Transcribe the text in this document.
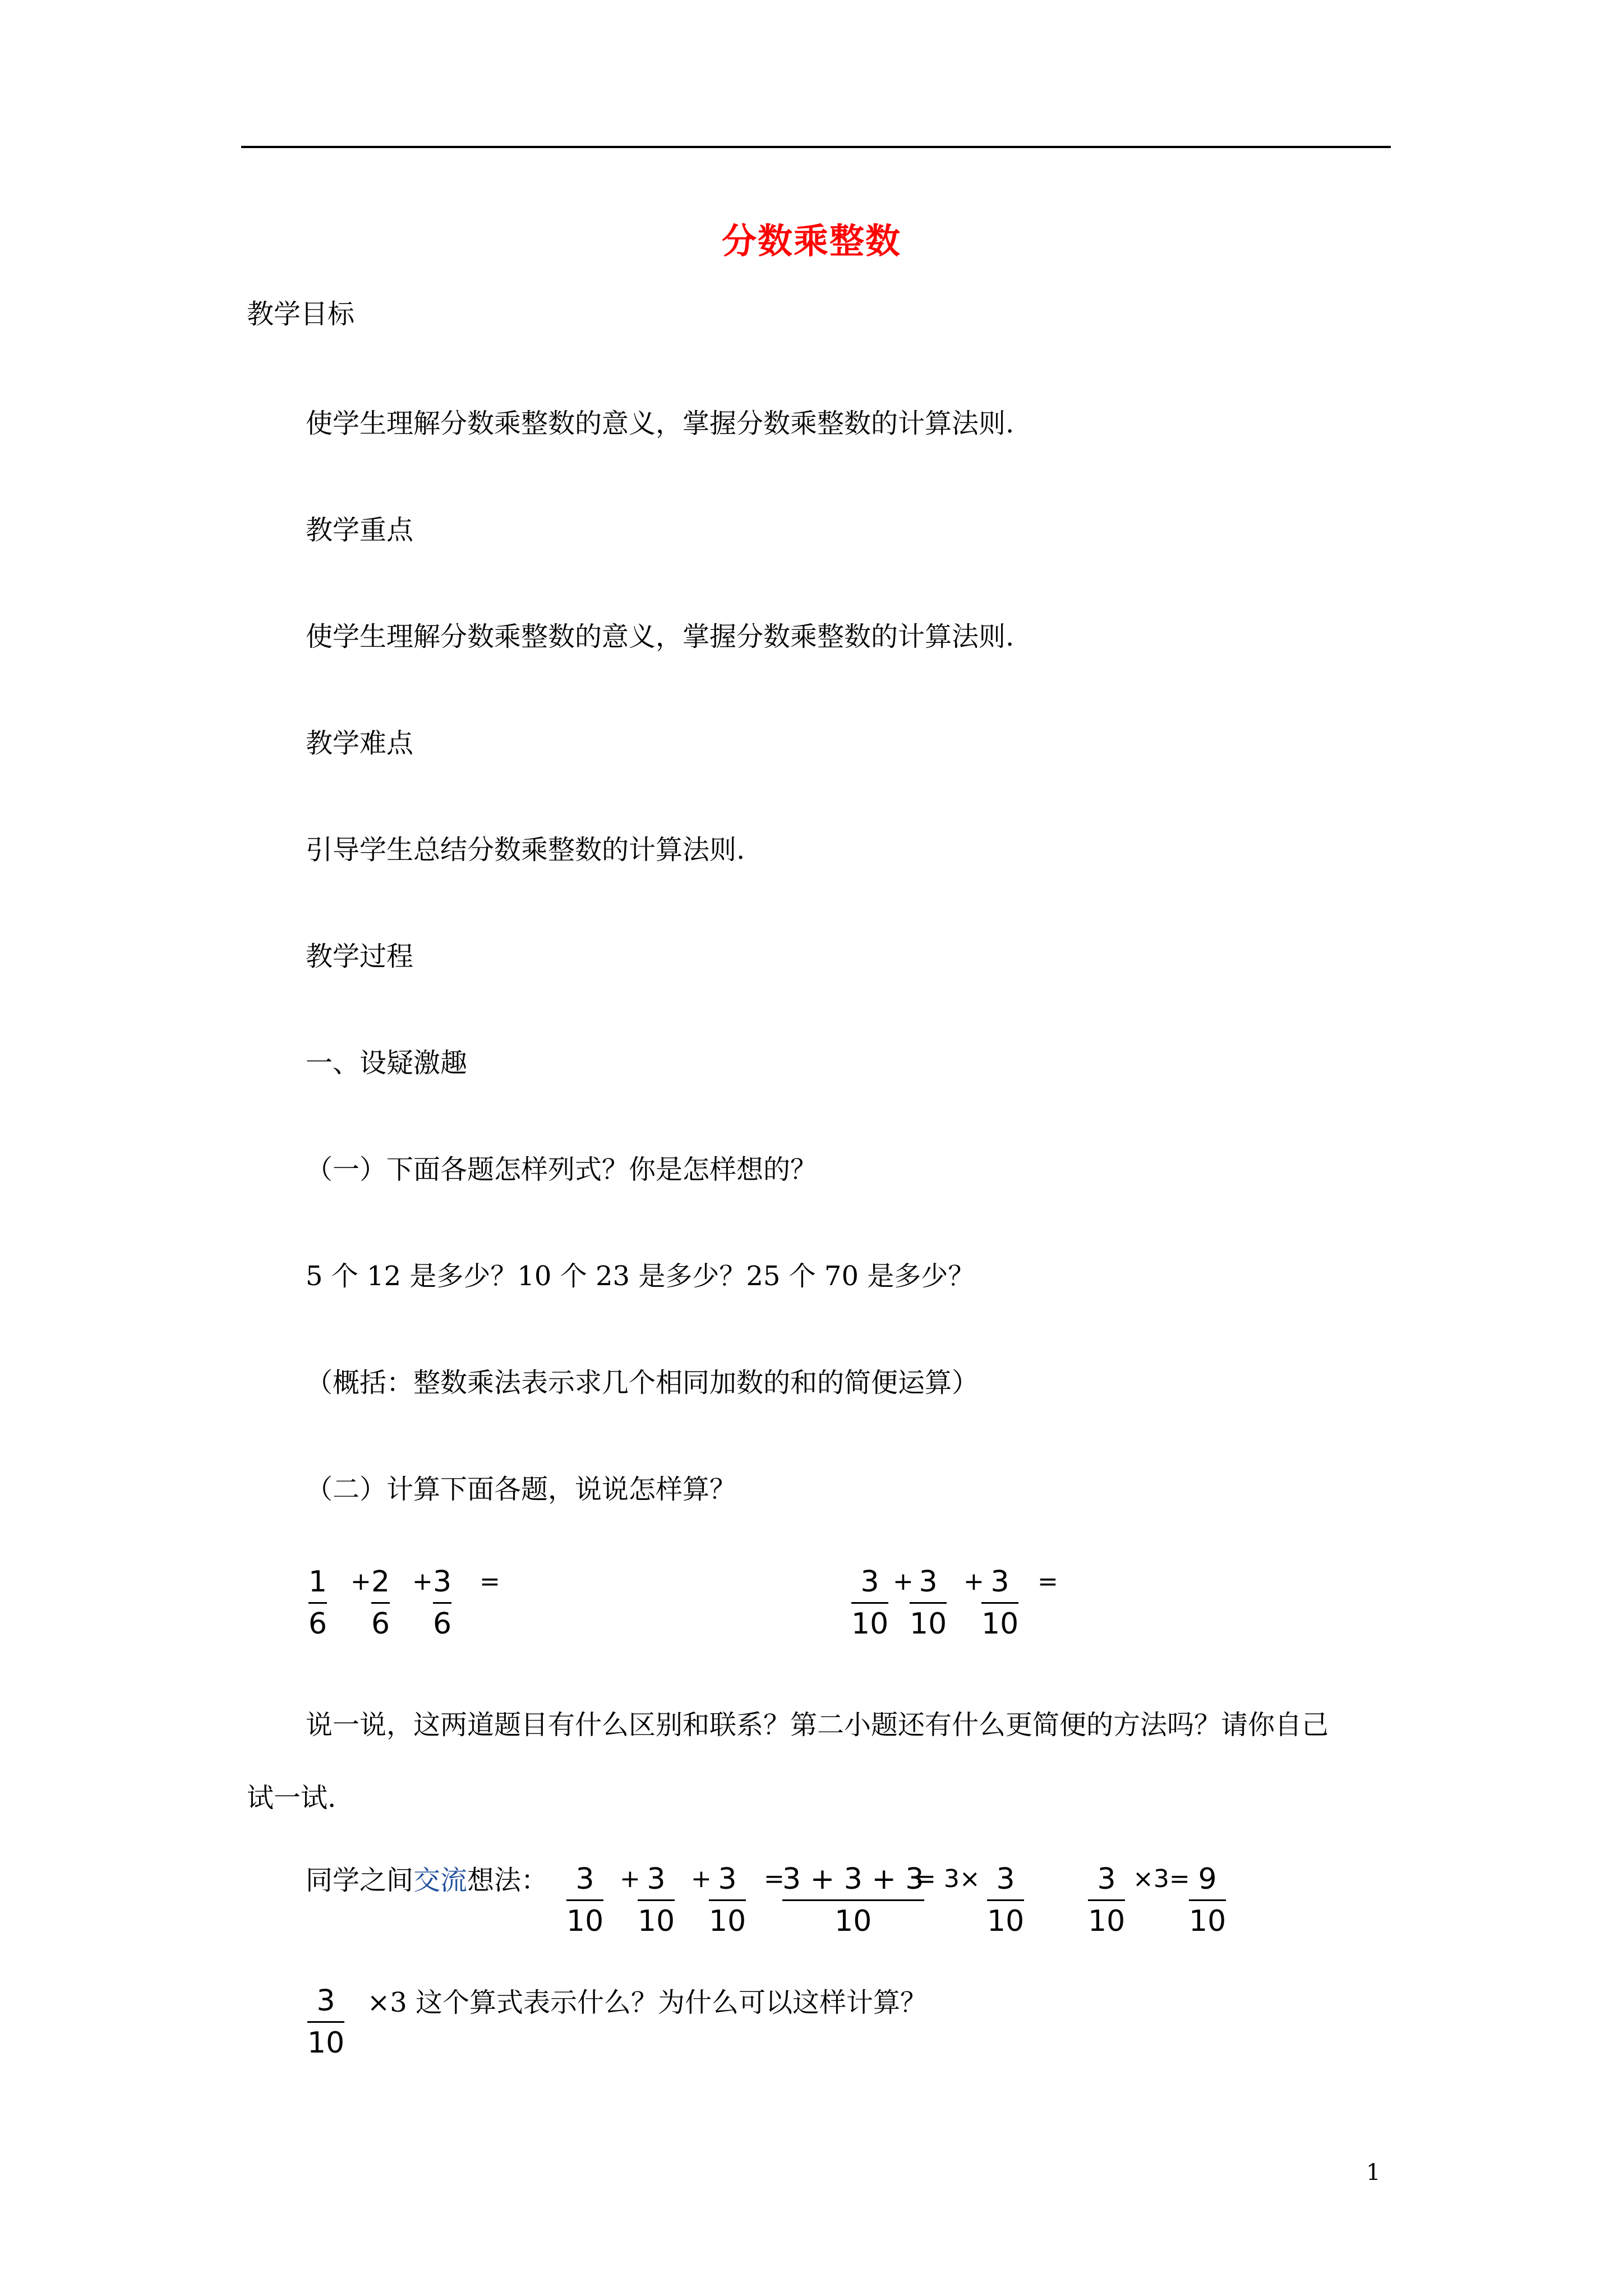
分数乘整数
教学目标
使学生理解分数乘整数的意义，掌握分数乘整数的计算法则.
教学重点
使学生理解分数乘整数的意义，掌握分数乘整数的计算法则.
教学难点
引导学生总结分数乘整数的计算法则.
教学过程
一、设疑激趣
（一）下面各题怎样列式？你是怎样想的？
5 个 12 是多少？10 个 23 是多少？25 个 70 是多少？
（概括：整数乘法表示求几个相同加数的和的简便运算）
（二）计算下面各题，说说怎样算？
1
6
+ 2
6
+ 3
6
=	3
10
+ 3
10
+ 3
10
=
说一说，这两道题目有什么区别和联系？第二小题还有什么更简便的方法吗？请你自己
试一试.
同学之间交流想法： 3
10
+ 3
10
+ 3
10
=
3 + 3 + 3
10
= 3× 3
10
3
10
×3= 9
10
3
10
×3 这个算式表示什么？为什么可以这样计算？
1
